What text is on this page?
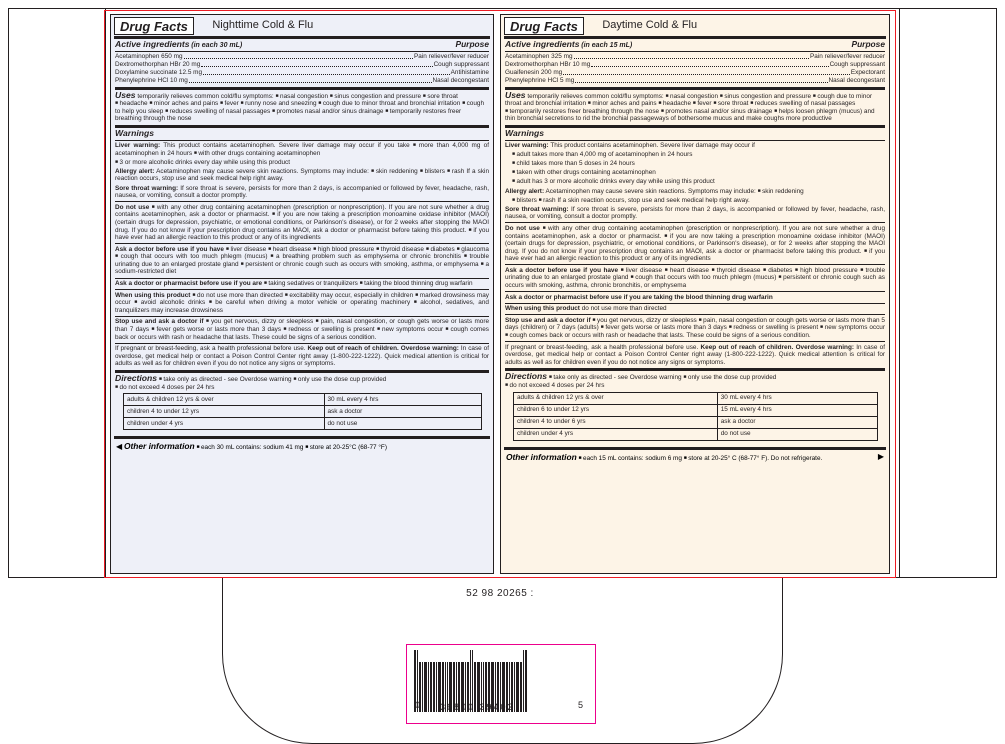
Drug Facts Nighttime Cold & Flu
Purpose
Active ingredients (in each 30 mL)
Acetaminophen 650 mg	Pain reliever/fever reducer
Dextromethorphan HBr 20 mg	Cough suppressant
Doxylamine succinate 12.5 mg	Antihistamine
Phenylephrine HCl 10 mg	Nasal decongestant
Uses temporarily relieves common cold/flu symptoms: ■ nasal congestion ■ sinus congestion and pressure ■ sore throat ■ headache ■ minor aches and pains ■ fever ■ runny nose and sneezing ■ cough due to minor throat and bronchial irritation ■ cough to help you sleep ■ reduces swelling of nasal passages ■ promotes nasal and/or sinus drainage ■ temporarily restores freer breathing through the nose
Warnings
Liver warning: This product contains acetaminophen. Severe liver damage may occur if you take ■ more than 4,000 mg of acetaminophen in 24 hours ■ with other drugs containing acetaminophen
■ 3 or more alcoholic drinks every day while using this product
Allergy alert: Acetaminophen may cause severe skin reactions. Symptoms may include: ■ skin reddening ■ blisters ■ rash If a skin reaction occurs, stop use and seek medical help right away.
Sore throat warning: If sore throat is severe, persists for more than 2 days, is accompanied or followed by fever, headache, rash, nausea, or vomiting, consult a doctor promptly.
Do not use ■ with any other drug containing acetaminophen (prescription or nonprescription). If you are not sure whether a drug contains acetaminophen, ask a doctor or pharmacist. ■ if you are now taking a prescription monoamine oxidase inhibitor (MAOI) (certain drugs for depression, psychiatric, or emotional conditions, or Parkinson's disease), or for 2 weeks after stopping the MAOI drug. If you do not know if your prescription drug contains an MAOI, ask a doctor or pharmacist before taking this product. ■ if you have ever had an allergic reaction to this product or any of its ingredients
Ask a doctor before use if you have ■ liver disease ■ heart disease ■ high blood pressure ■ thyroid disease ■ diabetes ■ glaucoma ■ cough that occurs with too much phlegm (mucus) ■ a breathing problem such as emphysema or chronic bronchitis ■ trouble urinating due to an enlarged prostate gland ■ persistent or chronic cough such as occurs with smoking, asthma, or emphysema ■ a sodium-restricted diet
Ask a doctor or pharmacist before use if you are ■ taking sedatives or tranquilizers ■ taking the blood thinning drug warfarin
When using this product ■ do not use more than directed ■ excitability may occur, especially in children ■ marked drowsiness may occur ■ avoid alcoholic drinks ■ be careful when driving a motor vehicle or operating machinery ■ alcohol, sedatives, and tranquilizers may increase drowsiness
Stop use and ask a doctor if ■ you get nervous, dizzy or sleepless ■ pain, nasal congestion, or cough gets worse or lasts more than 7 days ■ fever gets worse or lasts more than 3 days ■ redness or swelling is present ■ new symptoms occur ■ cough comes back or occurs with rash or headache that lasts. These could be signs of a serious condition.
If pregnant or breast-feeding, ask a health professional before use. Keep out of reach of children. Overdose warning: In case of overdose, get medical help or contact a Poison Control Center right away (1-800-222-1222). Quick medical attention is critical for adults as well as for children even if you do not notice any signs or symptoms.
Directions ■ take only as directed - see Overdose warning ■ only use the dose cup provided
■ do not exceed 4 doses per 24 hrs
adults & children 12 yrs & over	30 mL every 4 hrs
children 4 to under 12 yrs	ask a doctor
children under 4 yrs	do not use
◀ Other information ■ each 30 mL contains: sodium 41 mg ■ store at 20-25°C (68-77 °F)
Drug Facts Daytime Cold & Flu
Purpose
Active ingredients (in each 15 mL)
Acetaminophen 325 mg	Pain reliever/fever reducer
Dextromethorphan HBr 10 mg	Cough suppressant
Guaifenesin 200 mg	Expectorant
Phenylephrine HCl 5 mg	Nasal decongestant
Uses temporarily relieves common cold/flu symptoms: ■ nasal congestion ■ sinus congestion and pressure ■ cough due to minor throat and bronchial irritation ■ minor aches and pains ■ headache ■ fever ■ sore throat ■ reduces swelling of nasal passages ■ temporarily restores freer breathing through the nose ■ promotes nasal and/or sinus drainage ■ helps loosen phlegm (mucus) and thin bronchial secretions to rid the bronchial passageways of bothersome mucus and make coughs more productive
Warnings
Liver warning: This product contains acetaminophen. Severe liver damage may occur if
■ adult takes more than 4,000 mg of acetaminophen in 24 hours
■ child takes more than 5 doses in 24 hours
■ taken with other drugs containing acetaminophen
■ adult has 3 or more alcoholic drinks every day while using this product
Allergy alert: Acetaminophen may cause severe skin reactions. Symptoms may include: ■ skin reddening
■ blisters ■ rash If a skin reaction occurs, stop use and seek medical help right away.
Sore throat warning: If sore throat is severe, persists for more than 2 days, is accompanied or followed by fever, headache, rash, nausea, or vomiting, consult a doctor promptly.
Do not use ■ with any other drug containing acetaminophen (prescription or nonprescription). If you are not sure whether a drug contains acetaminophen, ask a doctor or pharmacist. ■ if you are now taking a prescription monoamine oxidase inhibitor (MAOI) (certain drugs for depression, psychiatric, or emotional conditions, or Parkinson's disease), or for 2 weeks after stopping the MAOI drug. If you do not know if your prescription drug contains an MAOI, ask a doctor or pharmacist before taking this product. ■ if you have ever had an allergic reaction to this product or any of its ingredients
Ask a doctor before use if you have ■ liver disease ■ heart disease ■ thyroid disease ■ diabetes ■ high blood pressure ■ trouble urinating due to an enlarged prostate gland ■ cough that occurs with too much phlegm (mucus) ■ persistent or chronic cough such as occurs with smoking, asthma, chronic bronchitis, or emphysema
Ask a doctor or pharmacist before use if you are taking the blood thinning drug warfarin
When using this product do not use more than directed
Stop use and ask a doctor if ■ you get nervous, dizzy or sleepless ■ pain, nasal congestion or cough gets worse or lasts more than 5 days (children) or 7 days (adults) ■ fever gets worse or lasts more than 3 days ■ redness or swelling is present ■ new symptoms occur ■ cough comes back or occurs with rash or headache that lasts. These could be signs of a serious condition.
If pregnant or breast-feeding, ask a health professional before use. Keep out of reach of children. Overdose warning: In case of overdose, get medical help or contact a Poison Control Center right away (1-800-222-1222). Quick medical attention is critical for adults as well as for children even if you do not notice any signs or symptoms.
Directions ■ take only as directed - see Overdose warning ■ only use the dose cup provided
■ do not exceed 4 doses per 24 hrs
adults & children 12 yrs & over	30 mL every 4 hrs
children 6 to under 12 yrs	15 mL every 4 hrs
children 4 to under 6 yrs	ask a doctor
children under 4 yrs	do not use
Other information ■ each 15 mL contains: sodium 6 mg ■ store at 20-25° C (68-77° F). Do not refrigerate.	▶
52 98 20265 :
0 36800 39402	5
